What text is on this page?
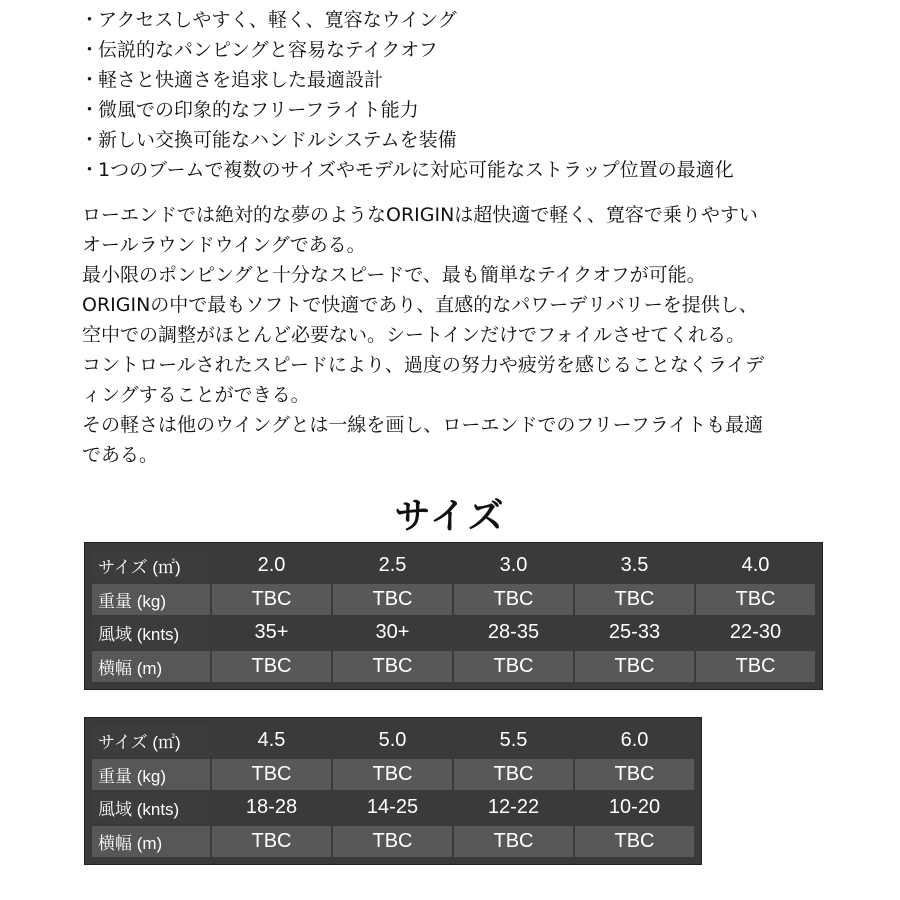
・アクセスしやすく、軽く、寛容なウイング
・伝説的なパンピングと容易なテイクオフ
・軽さと快適さを追求した最適設計
・微風での印象的なフリーフライト能力
・新しい交換可能なハンドルシステムを装備
・1つのブームで複数のサイズやモデルに対応可能なストラップ位置の最適化

ローエンドでは絶対的な夢のようなORIGINは超快適で軽く、寛容で乗りやすい

オールラウンドウイングである。

最小限のポンピングと十分なスピードで、最も簡単なテイクオフが可能。

ORIGINの中で最もソフトで快適であり、直感的なパワーデリバリーを提供し、

空中での調整がほとんど必要ない。シートインだけでフォイルさせてくれる。

コントロールされたスピードにより、過度の努力や疲労を感じることなくライデ

ィングすることができる。

その軽さは他のウイングとは一線を画し、ローエンドでのフリーフライトも最適

である。

サイズ
サイズ (㎡)	2.0	2.5	3.0	3.5	4.0
重量 (kg)	TBC	TBC	TBC	TBC	TBC
風域 (knts)	35+	30+	28-35	25-33	22-30
横幅 (m)	TBC	TBC	TBC	TBC	TBC
サイズ (㎡)	4.5	5.0	5.5	6.0
重量 (kg)	TBC	TBC	TBC	TBC
風域 (knts)	18-28	14-25	12-22	10-20
横幅 (m)	TBC	TBC	TBC	TBC
